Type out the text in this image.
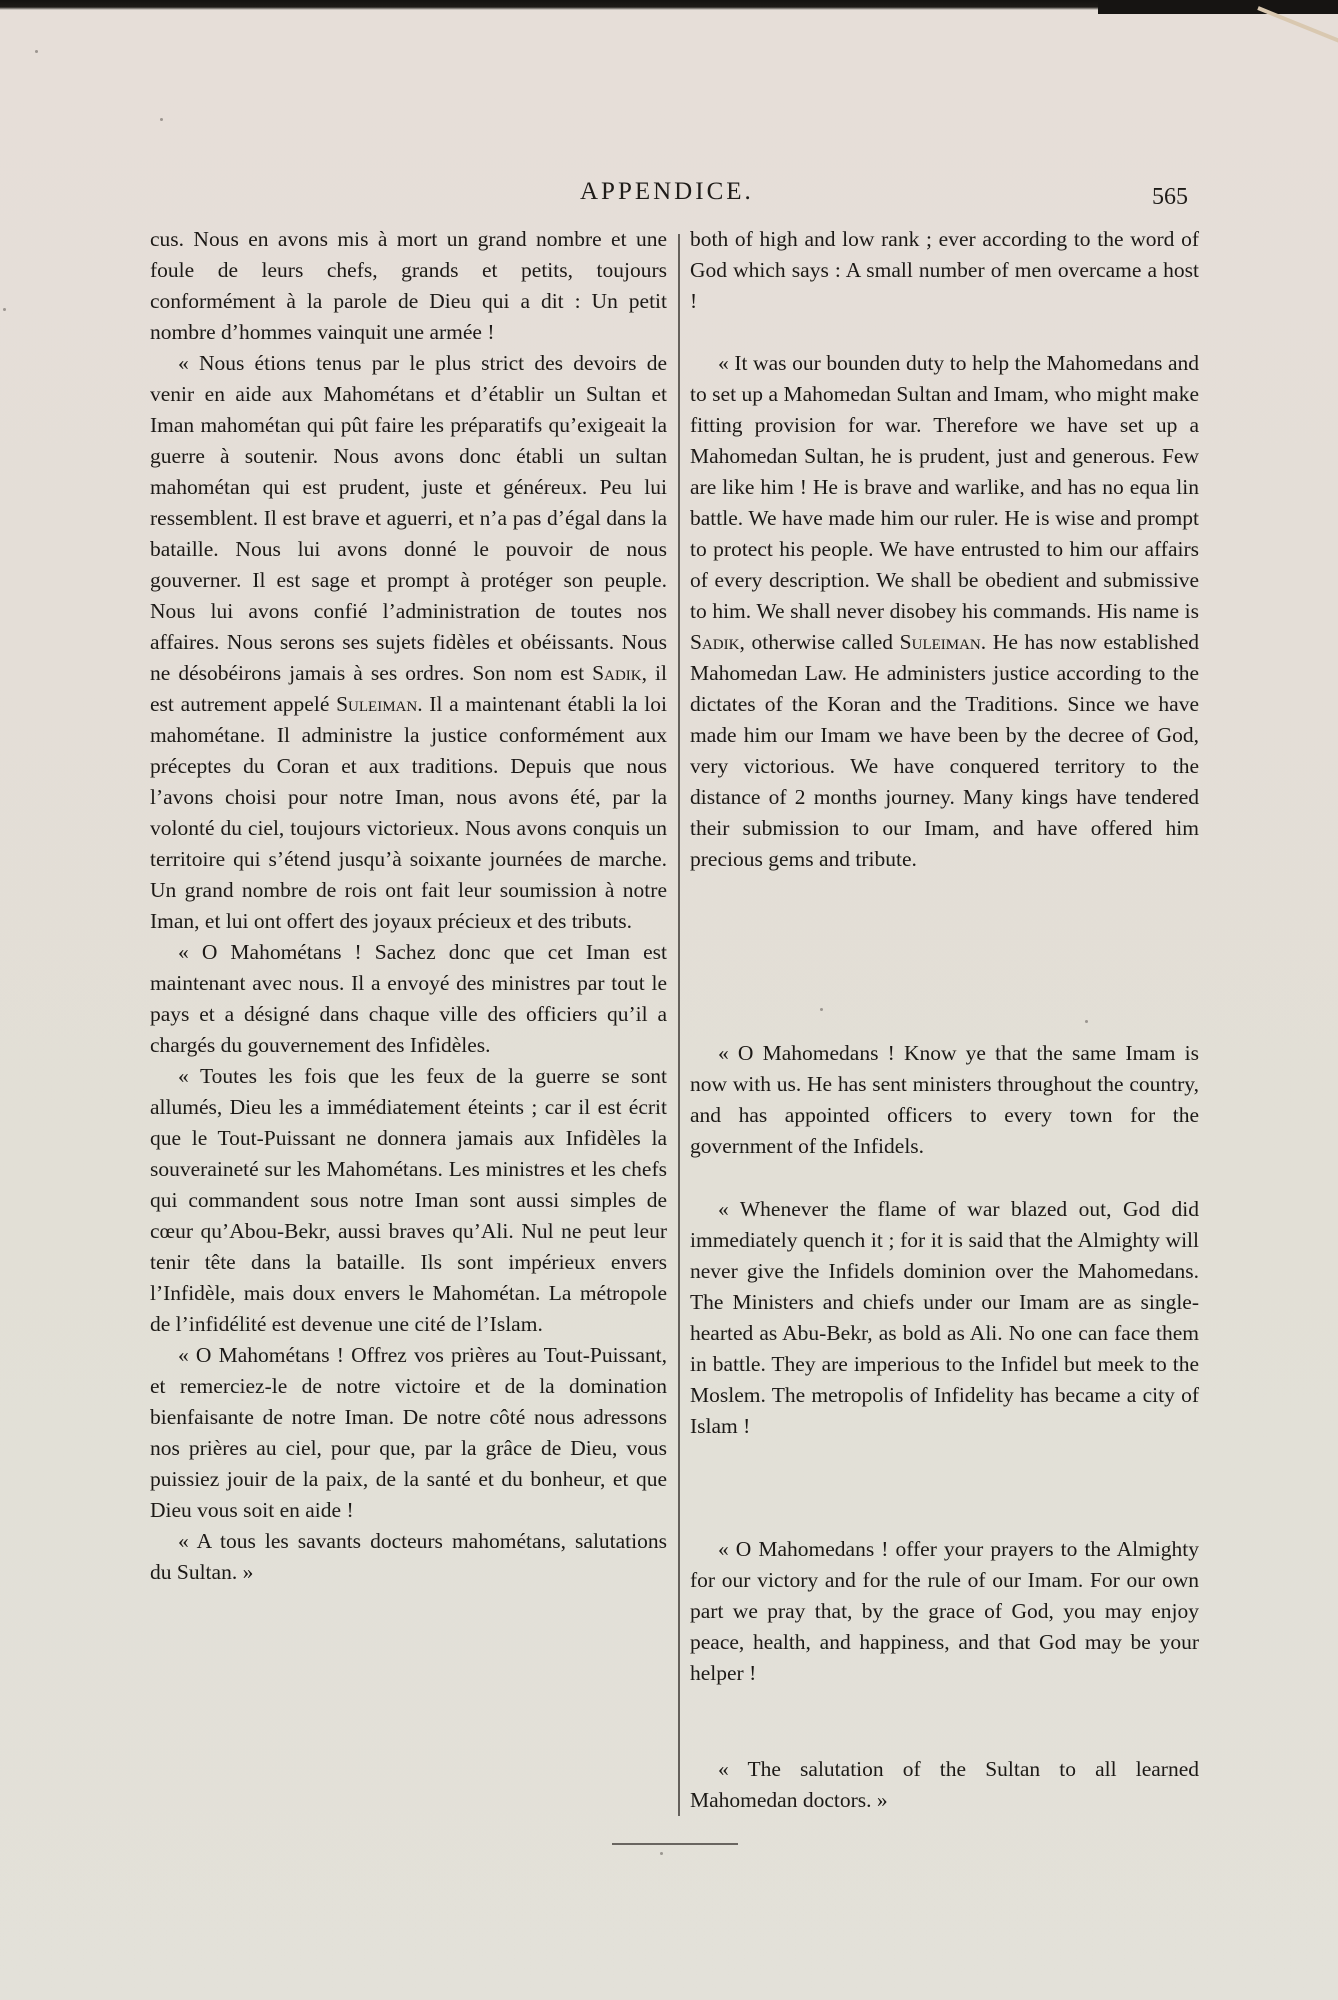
APPENDICE.	565

cus. Nous en avons mis à mort un grand nombre et une foule de leurs chefs, grands et petits, toujours conformément à la parole de Dieu qui a dit : Un petit nombre d’hommes vainquit une armée !

« Nous étions tenus par le plus strict des devoirs de venir en aide aux Mahométans et d’établir un Sultan et Iman mahométan qui pût faire les préparatifs qu’exigeait la guerre à soutenir. Nous avons donc établi un sultan mahométan qui est prudent, juste et généreux. Peu lui ressemblent. Il est brave et aguerri, et n’a pas d’égal dans la bataille. Nous lui avons donné le pouvoir de nous gouverner. Il est sage et prompt à protéger son peuple. Nous lui avons confié l’administration de toutes nos affaires. Nous serons ses sujets fidèles et obéissants. Nous ne désobéirons jamais à ses ordres. Son nom est Sadik, il est autrement appelé Suleiman. Il a maintenant établi la loi mahométane. Il administre la justice conformément aux préceptes du Coran et aux traditions. Depuis que nous l’avons choisi pour notre Iman, nous avons été, par la volonté du ciel, toujours victorieux. Nous avons conquis un territoire qui s’étend jusqu’à soixante journées de marche. Un grand nombre de rois ont fait leur soumission à notre Iman, et lui ont offert des joyaux précieux et des tributs.

« O Mahométans ! Sachez donc que cet Iman est maintenant avec nous. Il a envoyé des ministres par tout le pays et a désigné dans chaque ville des officiers qu’il a chargés du gouvernement des Infidèles.

« Toutes les fois que les feux de la guerre se sont allumés, Dieu les a immédiatement éteints ; car il est écrit que le Tout-Puissant ne donnera jamais aux Infidèles la souveraineté sur les Mahométans. Les ministres et les chefs qui commandent sous notre Iman sont aussi simples de cœur qu’Abou-Bekr, aussi braves qu’Ali. Nul ne peut leur tenir tête dans la bataille. Ils sont impérieux envers l’Infidèle, mais doux envers le Mahométan. La métropole de l’infidélité est devenue une cité de l’Islam.

« O Mahométans ! Offrez vos prières au Tout-Puissant, et remerciez-le de notre victoire et de la domination bienfaisante de notre Iman. De notre côté nous adressons nos prières au ciel, pour que, par la grâce de Dieu, vous puissiez jouir de la paix, de la santé et du bonheur, et que Dieu vous soit en aide !

« A tous les savants docteurs mahométans, salutations du Sultan. »

both of high and low rank ; ever according to the word of God which says : A small number of men overcame a host !

« It was our bounden duty to help the Mahomedans and to set up a Mahomedan Sultan and Imam, who might make fitting provision for war. Therefore we have set up a Mahomedan Sultan, he is prudent, just and generous. Few are like him ! He is brave and warlike, and has no equa lin battle. We have made him our ruler. He is wise and prompt to protect his people. We have entrusted to him our affairs of every description. We shall be obedient and submissive to him. We shall never disobey his commands. His name is Sadik, otherwise called Suleiman. He has now established Mahomedan Law. He administers justice according to the dictates of the Koran and the Traditions. Since we have made him our Imam we have been by the decree of God, very victorious. We have conquered territory to the distance of 2 months journey. Many kings have tendered their submission to our Imam, and have offered him precious gems and tribute.

« O Mahomedans ! Know ye that the same Imam is now with us. He has sent ministers throughout the country, and has appointed officers to every town for the government of the Infidels.

« Whenever the flame of war blazed out, God did immediately quench it ; for it is said that the Almighty will never give the Infidels dominion over the Mahomedans. The Ministers and chiefs under our Imam are as single-hearted as Abu-Bekr, as bold as Ali. No one can face them in battle. They are imperious to the Infidel but meek to the Moslem. The metropolis of Infidelity has became a city of Islam !

« O Mahomedans ! offer your prayers to the Almighty for our victory and for the rule of our Imam. For our own part we pray that, by the grace of God, you may enjoy peace, health, and happiness, and that God may be your helper !

« The salutation of the Sultan to all learned Mahomedan doctors. »
